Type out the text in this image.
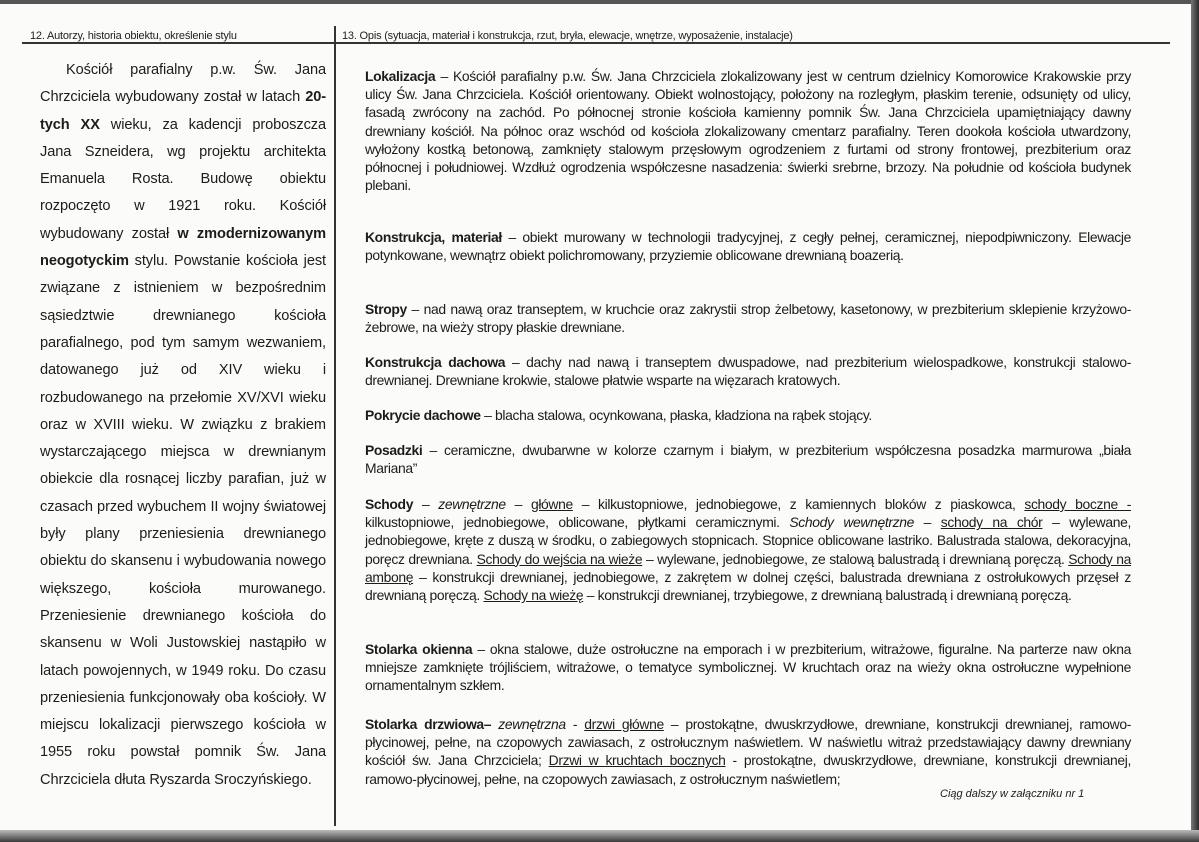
12. Autorzy, historia obiektu, określenie stylu	13. Opis (sytuacja, materiał i konstrukcja, rzut, bryła, elewacje, wnętrze, wyposażenie, instalacje)
Kościół parafialny p.w. Św. Jana Chrzciciela wybudowany został w latach 20-tych XX wieku, za kadencji proboszcza Jana Szneidera, wg projektu architekta Emanuela Rosta. Budowę obiektu rozpoczęto w 1921 roku. Kościół wybudowany został w zmodernizowanym neogotyckim stylu. Powstanie kościoła jest związane z istnieniem w bezpośrednim sąsiedztwie drewnianego kościoła parafialnego, pod tym samym wezwaniem, datowanego już od XIV wieku i rozbudowanego na przełomie XV/XVI wieku oraz w XVIII wieku. W związku z brakiem wystarczającego miejsca w drewnianym obiekcie dla rosnącej liczby parafian, już w czasach przed wybuchem II wojny światowej były plany przeniesienia drewnianego obiektu do skansenu i wybudowania nowego większego, kościoła murowanego. Przeniesienie drewnianego kościoła do skansenu w Woli Justowskiej nastąpiło w latach powojennych, w 1949 roku. Do czasu przeniesienia funkcjonowały oba kościoły. W miejscu lokalizacji pierwszego kościoła w 1955 roku powstał pomnik Św. Jana Chrzciciela dłuta Ryszarda Sroczyńskiego.
Lokalizacja – Kościół parafialny p.w. Św. Jana Chrzciciela zlokalizowany jest w centrum dzielnicy Komorowice Krakowskie przy ulicy Św. Jana Chrzciciela. Kościół orientowany. Obiekt wolnostojący, położony na rozległym, płaskim terenie, odsunięty od ulicy, fasadą zwrócony na zachód. Po północnej stronie kościoła kamienny pomnik Św. Jana Chrzciciela upamiętniający dawny drewniany kościół. Na północ oraz wschód od kościoła zlokalizowany cmentarz parafialny. Teren dookoła kościoła utwardzony, wyłożony kostką betonową, zamknięty stalowym przęsłowym ogrodzeniem z furtami od strony frontowej, prezbiterium oraz północnej i południowej. Wzdłuż ogrodzenia współczesne nasadzenia: świerki srebrne, brzozy. Na południe od kościoła budynek plebani.
Konstrukcja, materiał – obiekt murowany w technologii tradycyjnej, z cegły pełnej, ceramicznej, niepodpiwniczony. Elewacje potynkowane, wewnątrz obiekt polichromowany, przyziemie oblicowane drewnianą boazerią.
Stropy – nad nawą oraz transeptem, w kruchcie oraz zakrystii strop żelbetowy, kasetonowy, w prezbiterium sklepienie krzyżowo-żebrowe, na wieży stropy płaskie drewniane.
Konstrukcja dachowa – dachy nad nawą i transeptem dwuspadowe, nad prezbiterium wielospadkowe, konstrukcji stalowo-drewnianej. Drewniane krokwie, stalowe płatwie wsparte na więzarach kratowych.
Pokrycie dachowe – blacha stalowa, ocynkowana, płaska, kładziona na rąbek stojący.
Posadzki – ceramiczne, dwubarwne w kolorze czarnym i białym, w prezbiterium współczesna posadzka marmurowa „biała Mariana”
Schody – zewnętrzne – główne – kilkustopniowe, jednobiegowe, z kamiennych bloków z piaskowca, schody boczne - kilkustopniowe, jednobiegowe, oblicowane, płytkami ceramicznymi. Schody wewnętrzne – schody na chór – wylewane, jednobiegowe, kręte z duszą w środku, o zabiegowych stopnicach. Stopnice oblicowane lastriko. Balustrada stalowa, dekoracyjna, poręcz drewniana. Schody do wejścia na wieże – wylewane, jednobiegowe, ze stalową balustradą i drewnianą poręczą. Schody na ambonę – konstrukcji drewnianej, jednobiegowe, z zakrętem w dolnej części, balustrada drewniana z ostrołukowych przęseł z drewnianą poręczą. Schody na wieżę – konstrukcji drewnianej, trzybiegowe, z drewnianą balustradą i drewnianą poręczą.
Stolarka okienna – okna stalowe, duże ostrołuczne na emporach i w prezbiterium, witrażowe, figuralne. Na parterze naw okna mniejsze zamknięte trójliściem, witrażowe, o tematyce symbolicznej. W kruchtach oraz na wieży okna ostrołuczne wypełnione ornamentalnym szkłem.
Stolarka drzwiowa– zewnętrzna - drzwi główne – prostokątne, dwuskrzydłowe, drewniane, konstrukcji drewnianej, ramowo-płycinowej, pełne, na czopowych zawiasach, z ostrołucznym naświetlem. W naświetlu witraż przedstawiający dawny drewniany kościół św. Jana Chrzciciela; Drzwi w kruchtach bocznych - prostokątne, dwuskrzydłowe, drewniane, konstrukcji drewnianej, ramowo-płycinowej, pełne, na czopowych zawiasach, z ostrołucznym naświetlem;
Ciąg dalszy w załączniku nr 1
